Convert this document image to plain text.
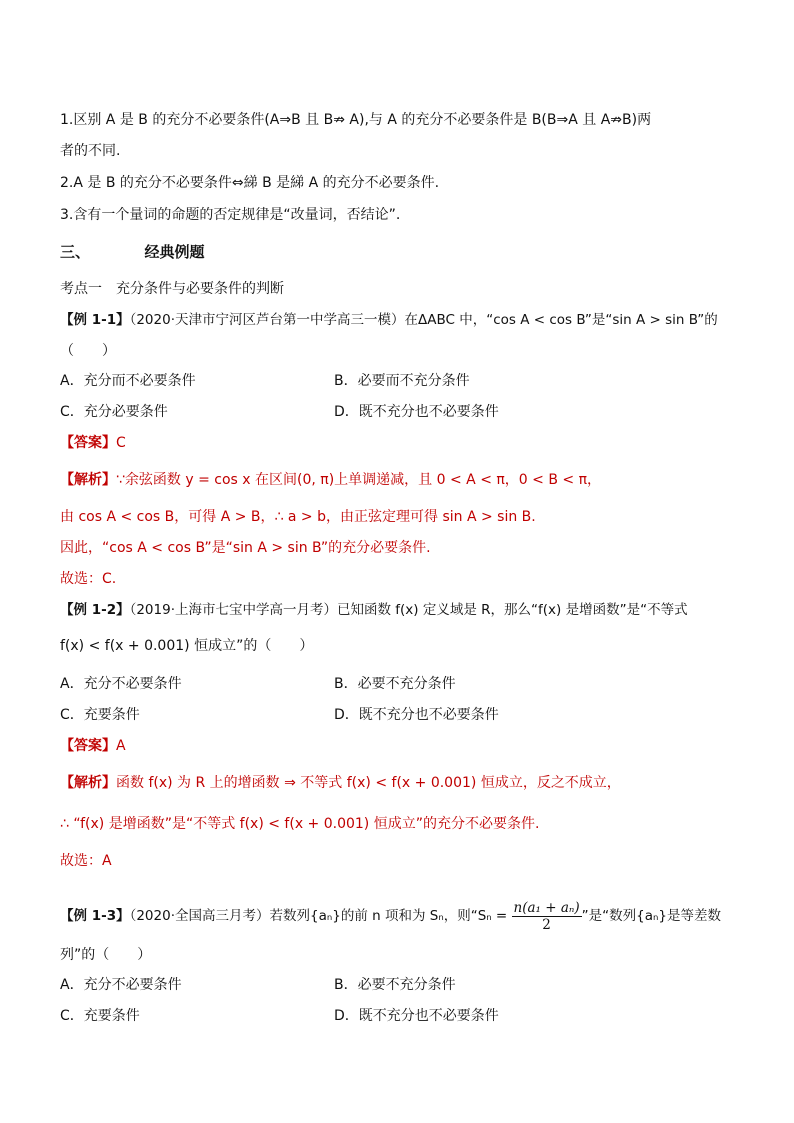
1.区别 A 是 B 的充分不必要条件(A⇒B 且 B⇏ A),与 A 的充分不必要条件是 B(B⇒A 且 A⇏B)两
者的不同.
2.A 是 B 的充分不必要条件⇔綈 B 是綈 A 的充分不必要条件.
3.含有一个量词的命题的否定规律是“改量词，否结论”.
三、	经典例题
考点一　充分条件与必要条件的判断
【例 1-1】（2020·天津市宁河区芦台第一中学高三一模）在ΔABC 中，“cos A < cos B”是“sin A > sin B”的
（　　）
A．充分而不必要条件	B．必要而不充分条件
C．充分必要条件	D．既不充分也不必要条件
【答案】C
【解析】∵余弦函数 y = cos x 在区间(0, π)上单调递减，且 0 < A < π，0 < B < π，
由 cos A < cos B，可得 A > B，∴ a > b，由正弦定理可得 sin A > sin B.
因此，“cos A < cos B”是“sin A > sin B”的充分必要条件.
故选：C.
【例 1-2】（2019·上海市七宝中学高一月考）已知函数 f(x) 定义域是 R，那么“f(x) 是增函数”是“不等式
f(x) < f(x + 0.001) 恒成立”的（　　）
A．充分不必要条件	B．必要不充分条件
C．充要条件	D．既不充分也不必要条件
【答案】A
【解析】函数 f(x) 为 R 上的增函数 ⇒ 不等式 f(x) < f(x + 0.001) 恒成立，反之不成立，
∴ “f(x) 是增函数”是“不等式 f(x) < f(x + 0.001) 恒成立”的充分不必要条件.
故选：A
【例 1-3】（2020·全国高三月考）若数列{aₙ}的前 n 项和为 Sₙ，则“$S_n = \frac{\text{n(a₁ + aₙ)}}{2}$ ”是“数列{aₙ}是等差数
列”的（　　）
A．充分不必要条件	B．必要不充分条件
C．充要条件	D．既不充分也不必要条件
